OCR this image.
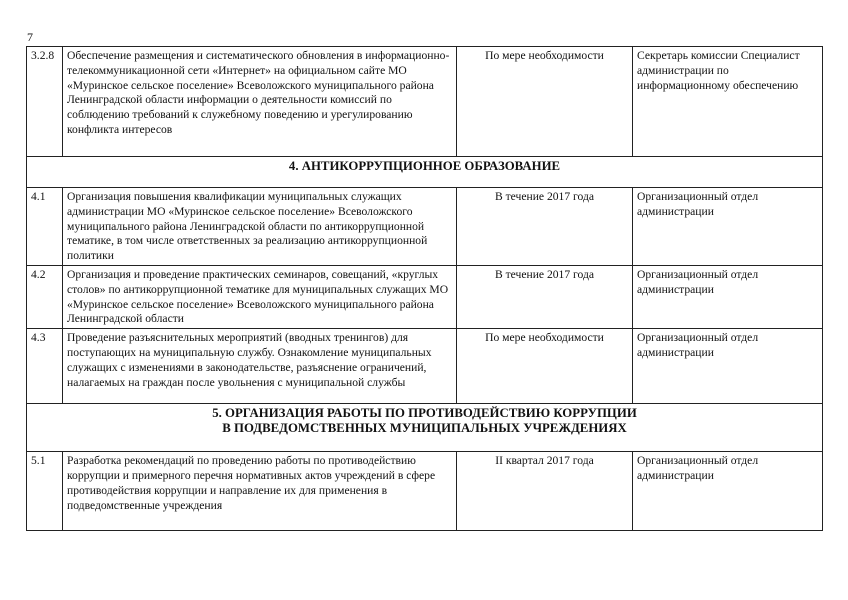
7
3.2.8	Обеспечение размещения и систематического обновления в информационно-телекоммуникационной сети «Интернет» на официальном сайте МО «Муринское сельское поселение» Всеволожского муниципального района Ленинградской области информации о деятельности комиссий по соблюдению требований к служебному поведению и урегулированию конфликта интересов	По мере необходимости	Секретарь комиссии Специалист администрации по информационному обеспечению

4. АНТИКОРРУПЦИОННОЕ ОБРАЗОВАНИЕ			

4.1	Организация повышения квалификации муниципальных служащих администрации МО «Муринское сельское поселение» Всеволожского муниципального района Ленинградской области по антикоррупционной тематике, в том числе ответственных за реализацию антикоррупционной политики	В течение 2017 года	Организационный отдел администрации
4.2	Организация и проведение практических семинаров, совещаний, «круглых столов» по антикоррупционной тематике для муниципальных служащих МО «Муринское сельское поселение» Всеволожского муниципального района Ленинградской области	В течение 2017 года	Организационный отдел администрации
4.3	Проведение разъяснительных мероприятий (вводных тренингов) для поступающих на муниципальную службу. Ознакомление муниципальных служащих с изменениями в законодательстве, разъяснение ограничений, налагаемых на граждан после увольнения с муниципальной службы	По мере необходимости	Организационный отдел администрации

5. ОРГАНИЗАЦИЯ РАБОТЫ ПО ПРОТИВОДЕЙСТВИЮ КОРРУПЦИИ
В ПОДВЕДОМСТВЕННЫХ МУНИЦИПАЛЬНЫХ УЧРЕЖДЕНИЯХ			

5.1	Разработка рекомендаций по проведению работы по противодействию коррупции и примерного перечня нормативных актов учреждений в сфере противодействия коррупции и направление их для применения в подведомственные учреждения	II квартал 2017 года	Организационный отдел администрации
